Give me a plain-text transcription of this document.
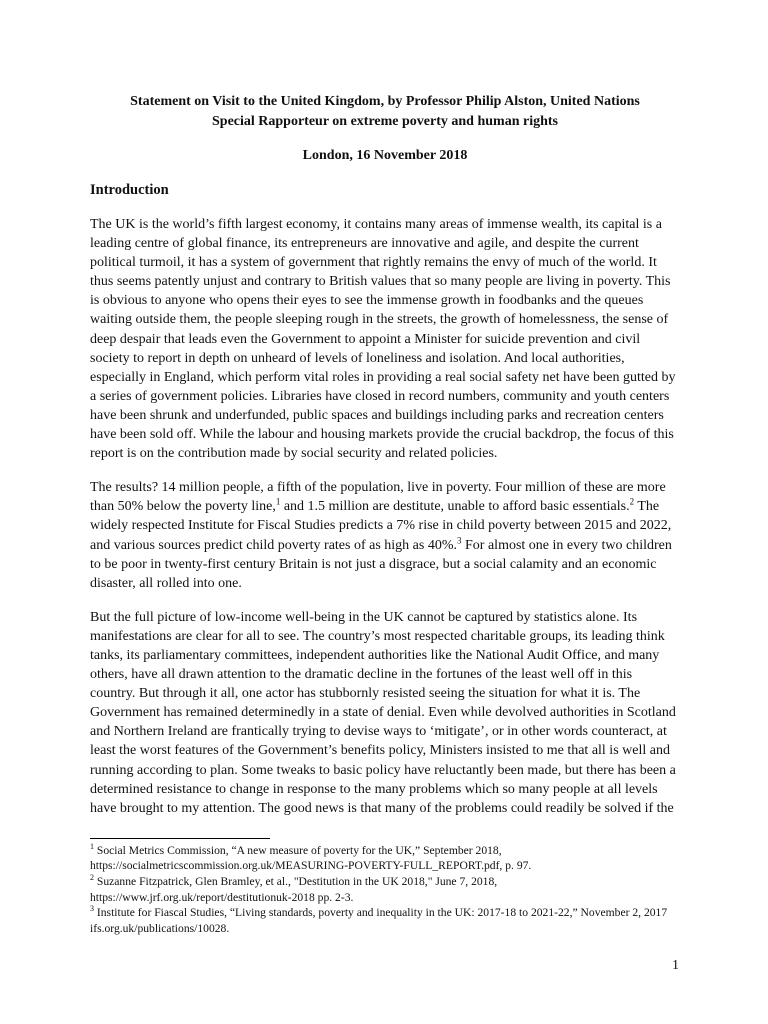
Statement on Visit to the United Kingdom, by Professor Philip Alston, United Nations
Special Rapporteur on extreme poverty and human rights

London, 16 November 2018

Introduction

The UK is the world’s fifth largest economy, it contains many areas of immense wealth, its capital is a leading centre of global finance, its entrepreneurs are innovative and agile, and despite the current political turmoil, it has a system of government that rightly remains the envy of much of the world. It thus seems patently unjust and contrary to British values that so many people are living in poverty. This is obvious to anyone who opens their eyes to see the immense growth in foodbanks and the queues waiting outside them, the people sleeping rough in the streets, the growth of homelessness, the sense of deep despair that leads even the Government to appoint a Minister for suicide prevention and civil society to report in depth on unheard of levels of loneliness and isolation. And local authorities, especially in England, which perform vital roles in providing a real social safety net have been gutted by a series of government policies. Libraries have closed in record numbers, community and youth centers have been shrunk and underfunded, public spaces and buildings including parks and recreation centers have been sold off. While the labour and housing markets provide the crucial backdrop, the focus of this report is on the contribution made by social security and related policies.

The results? 14 million people, a fifth of the population, live in poverty. Four million of these are more than 50% below the poverty line,$^1$ and 1.5 million are destitute, unable to afford basic essentials.$^2$ The widely respected Institute for Fiscal Studies predicts a 7% rise in child poverty between 2015 and 2022, and various sources predict child poverty rates of as high as 40%.$^3$ For almost one in every two children to be poor in twenty-first century Britain is not just a disgrace, but a social calamity and an economic disaster, all rolled into one.

But the full picture of low-income well-being in the UK cannot be captured by statistics alone. Its manifestations are clear for all to see. The country’s most respected charitable groups, its leading think tanks, its parliamentary committees, independent authorities like the National Audit Office, and many others, have all drawn attention to the dramatic decline in the fortunes of the least well off in this country. But through it all, one actor has stubbornly resisted seeing the situation for what it is. The Government has remained determinedly in a state of denial. Even while devolved authorities in Scotland and Northern Ireland are frantically trying to devise ways to ‘mitigate’, or in other words counteract, at least the worst features of the Government’s benefits policy, Ministers insisted to me that all is well and running according to plan. Some tweaks to basic policy have reluctantly been made, but there has been a determined resistance to change in response to the many problems which so many people at all levels have brought to my attention. The good news is that many of the problems could readily be solved if the

$^1$ Social Metrics Commission, “A new measure of poverty for the UK,” September 2018, https://socialmetricscommission.org.uk/MEASURING-POVERTY-FULL_REPORT.pdf, p. 97.

$^2$ Suzanne Fitzpatrick, Glen Bramley, et al., "Destitution in the UK 2018," June 7, 2018, https://www.jrf.org.uk/report/destitutionuk-2018 pp. 2-3.

$^3$ Institute for Fiascal Studies, “Living standards, poverty and inequality in the UK: 2017-18 to 2021-22,” November 2, 2017 ifs.org.uk/publications/10028.

1
